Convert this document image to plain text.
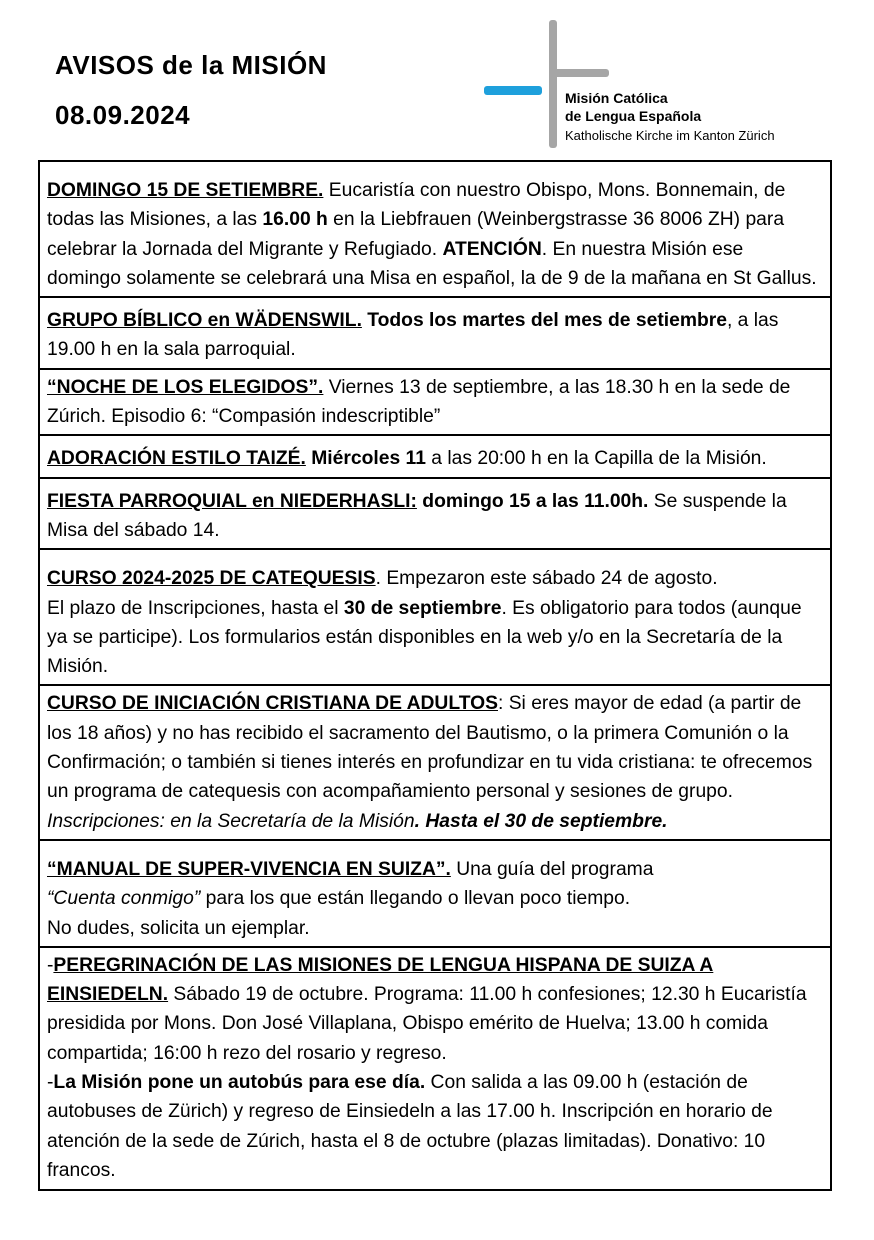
AVISOS de la MISIÓN
08.09.2024
Misión Católica
de Lengua Española
Katholische Kirche im Kanton Zürich

DOMINGO 15 DE SETIEMBRE. Eucaristía con nuestro Obispo, Mons. Bonnemain, de todas las Misiones, a las 16.00 h en la Liebfrauen (Weinbergstrasse 36 8006 ZH) para celebrar la Jornada del Migrante y Refugiado. ATENCIÓN. En nuestra Misión ese domingo solamente se celebrará una Misa en español, la de 9 de la mañana en St Gallus.

GRUPO BÍBLICO en WÄDENSWIL. Todos los martes del mes de setiembre, a las 19.00 h en la sala parroquial.

“NOCHE DE LOS ELEGIDOS”. Viernes 13 de septiembre, a las 18.30 h en la sede de Zúrich. Episodio 6: “Compasión indescriptible”

ADORACIÓN ESTILO TAIZÉ. Miércoles 11 a las 20:00 h en la Capilla de la Misión.

FIESTA PARROQUIAL en NIEDERHASLI: domingo 15 a las 11.00h. Se suspende la Misa del sábado 14.

CURSO 2024-2025 DE CATEQUESIS. Empezaron este sábado 24 de agosto.

El plazo de Inscripciones, hasta el 30 de septiembre. Es obligatorio para todos (aunque ya se participe). Los formularios están disponibles en la web y/o en la Secretaría de la Misión.

CURSO DE INICIACIÓN CRISTIANA DE ADULTOS: Si eres mayor de edad (a partir de los 18 años) y no has recibido el sacramento del Bautismo, o la primera Comunión o la Confirmación; o también si tienes interés en profundizar en tu vida cristiana: te ofrecemos un programa de catequesis con acompañamiento personal y sesiones de grupo. Inscripciones: en la Secretaría de la Misión. Hasta el 30 de septiembre.

“MANUAL DE SUPER-VIVENCIA EN SUIZA”. Una guía del programa

“Cuenta conmigo” para los que están llegando o llevan poco tiempo.

No dudes, solicita un ejemplar.

-PEREGRINACIÓN DE LAS MISIONES DE LENGUA HISPANA DE SUIZA A EINSIEDELN. Sábado 19 de octubre. Programa: 11.00 h confesiones; 12.30 h Eucaristía presidida por Mons. Don José Villaplana, Obispo emérito de Huelva; 13.00 h comida compartida; 16:00 h rezo del rosario y regreso.

-La Misión pone un autobús para ese día. Con salida a las 09.00 h (estación de autobuses de Zürich) y regreso de Einsiedeln a las 17.00 h. Inscripción en horario de atención de la sede de Zúrich, hasta el 8 de octubre (plazas limitadas). Donativo: 10 francos.
